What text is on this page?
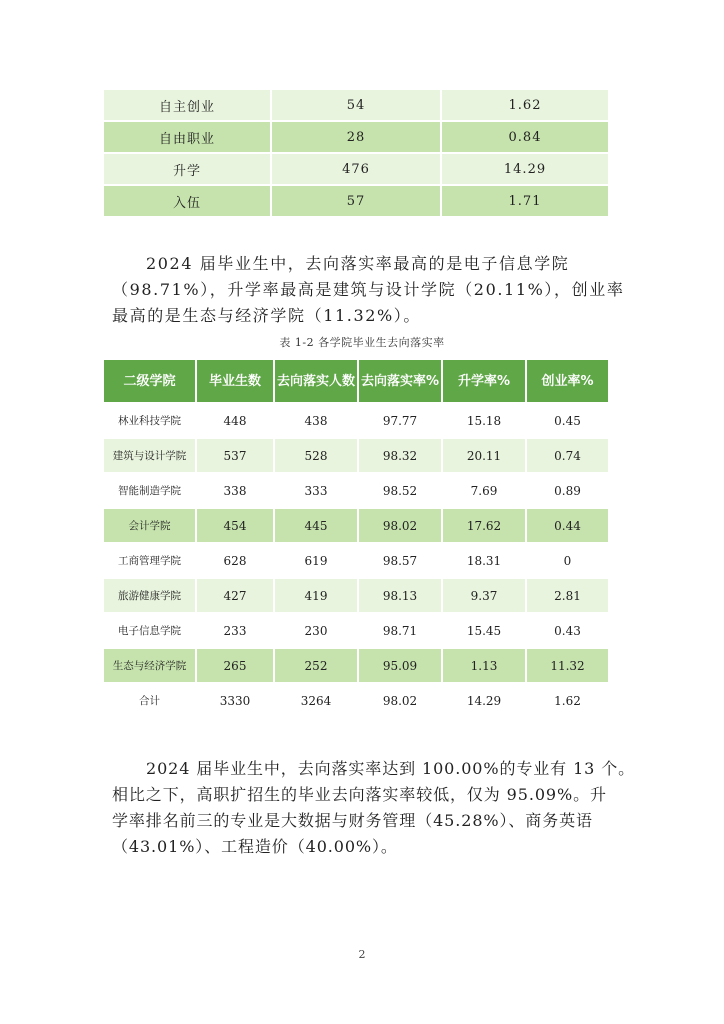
自主创业	54	1.62
自由职业	28	0.84
升学	476	14.29
入伍	57	1.71
2024 届毕业生中，去向落实率最高的是电子信息学院
（98.71%），升学率最高是建筑与设计学院（20.11%），创业率
最高的是生态与经济学院（11.32%）。
表 1-2 各学院毕业生去向落实率
二级学院	毕业生数	去向落实人数	去向落实率%	升学率%	创业率%
林业科技学院	448	438	97.77	15.18	0.45
建筑与设计学院	537	528	98.32	20.11	0.74
智能制造学院	338	333	98.52	7.69	0.89
会计学院	454	445	98.02	17.62	0.44
工商管理学院	628	619	98.57	18.31	0
旅游健康学院	427	419	98.13	9.37	2.81
电子信息学院	233	230	98.71	15.45	0.43
生态与经济学院	265	252	95.09	1.13	11.32
合计	3330	3264	98.02	14.29	1.62
2024 届毕业生中，去向落实率达到 100.00%的专业有 13 个。
相比之下，高职扩招生的毕业去向落实率较低，仅为 95.09%。升
学率排名前三的专业是大数据与财务管理（45.28%）、商务英语
（43.01%）、工程造价（40.00%）。
2
